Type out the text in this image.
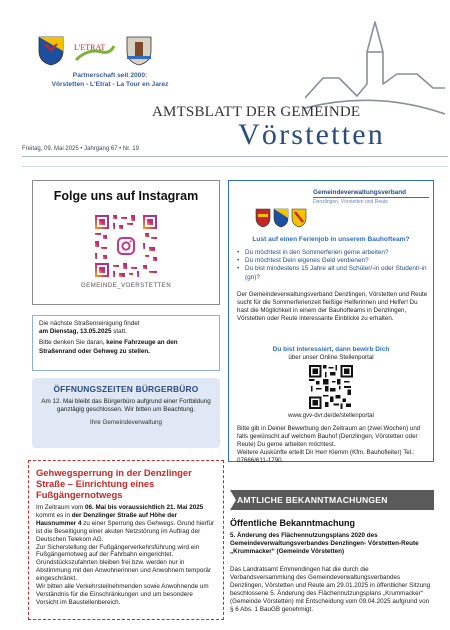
L'ETRAT
Partnerschaft seit 2000:
Vörstetten - L'Etrat - La Tour en Jarez
AMTSBLATT DER GEMEINDE
Vörstetten
Freitag, 09. Mai 2025 • Jahrgang 67 • Nr. 19
Folge uns auf Instagram
GEMEINDE_VOERSTETTEN
Die nächste Straßenreinigung findet
am Dienstag, 13.05.2025 statt.
Bitte denken Sie daran, keine Fahrzeuge an den Straßenrand oder Gehweg zu stellen.
ÖFFNUNGSZEITEN BÜRGERBÜRO
Am 12. Mai bleibt das Bürgerbüro aufgrund einer Fortbildung ganztägig geschlossen. Wir bitten um Beachtung.
Ihre Gemeindeverwaltung
Gehwegsperrung in der Denzlinger Straße – Einrichtung eines Fußgängernotwegs

Im Zeitraum vom 06. Mai bis voraussichtlich 21. Mai 2025 kommt es in der Denzlinger Straße auf Höhe der Hausnummer 4 zu einer Sperrung des Gehwegs. Grund hierfür ist die Beseitigung einer akuten Netzstörung im Auftrag der Deutschen Telekom AG.

Zur Sicherstellung der Fußgängerverkehrsführung wird ein Fußgängernotweg auf der Fahrbahn eingerichtet. Grundstückszufahrten bleiben frei bzw. werden nur in Abstimmung mit den Anwohnerinnen und Anwohnern temporär eingeschränkt.

Wir bitten alle Verkehrsteilnehmenden sowie Anwohnende um Verständnis für die Einschränkungen und um besondere Vorsicht im Baustellenbereich.

Gemeindeverwaltungsverband
Denzlingen, Vörstetten und Reute
Lust auf einen Ferienjob in unserem Bauhofteam?
• Du möchtest in den Sommerferien gerne arbeiten?
• Du möchtest Dein eigenes Geld verdienen?
• Du bist mindestens 15 Jahre alt und Schüler/-in oder Student/-in (gn)?
Der Gemeindeverwaltungsverband Denzlingen, Vörstetten und Reute sucht für die Sommerferienzeit fleißige Helferinnen und Helfer! Du hast die Möglichkeit in einem der Bauhofteams in Denzlingen, Vörstetten oder Reute interessante Einblicke zu erhalten.
Du bist interessiert, dann bewirb Dich
über unser Online Stellenportal
www.gvv-dvr.de/de/stellenportal
Bitte gib in Deiner Bewerbung den Zeitraum an (zwei Wochen) und falls gewünscht auf welchem Bauhof (Denzlingen, Vörstetten oder Reute) Du gerne arbeiten möchtest.
Weitere Auskünfte erteilt Dir Herr Klemm (Kfm. Bauhofleiter) Tel.: 07666/611-1790.
AMTLICHE BEKANNTMACHUNGEN
Öffentliche Bekanntmachung
5. Änderung des Flächennutzungsplans 2020 des Gemeindeverwaltungsverbandes Denzlingen- Vörstetten-Reute „Krummacker“ (Gemeinde Vörstetten)
Das Landratsamt Emmendingen hat die durch die Verbandsversammlung des Gemeindeverwaltungsverbandes Denzlingen, Vörstetten und Reute am 29.01.2025 in öffentlicher Sitzung beschlossene 5. Änderung des Flächennutzungsplans „Krummacker“ (Gemeinde Vörstetten) mit Entscheidung vom 09.04.2025 aufgrund von § 6 Abs. 1 BauGB genehmigt.
